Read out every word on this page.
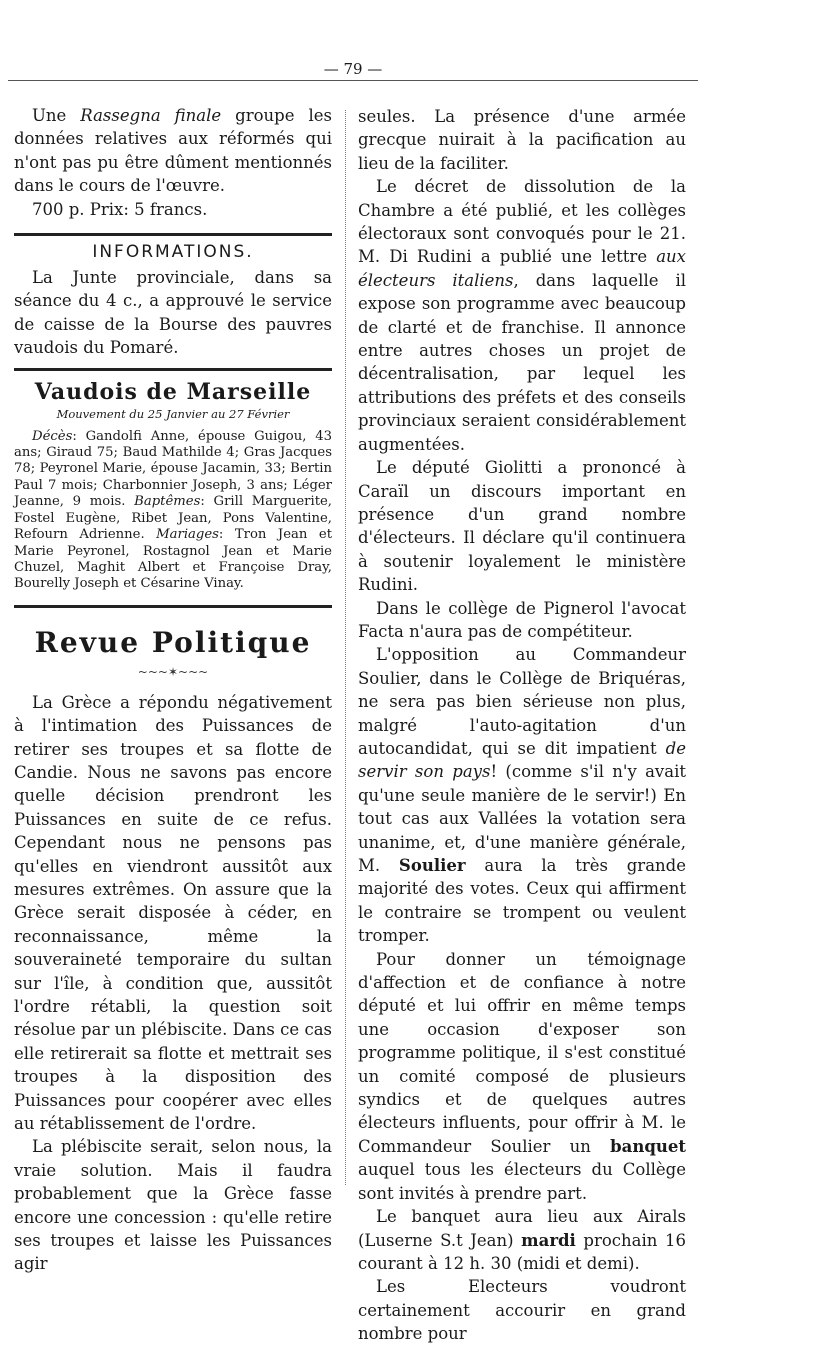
— 79 —

Une Rassegna finale groupe les données relatives aux réformés qui n'ont pas pu être dûment mentionnés dans le cours de l'œuvre.

700 p. Prix: 5 francs.

INFORMATIONS.

La Junte provinciale, dans sa séance du 4 c., a approuvé le service de caisse de la Bourse des pauvres vaudois du Pomaré.

Vaudois de Marseille
Mouvement du 25 Janvier au 27 Février

Décès: Gandolfi Anne, épouse Guigou, 43 ans; Giraud 75; Baud Mathilde 4; Gras Jacques 78; Peyronel Marie, épouse Jacamin, 33; Bertin Paul 7 mois; Charbonnier Joseph, 3 ans; Léger Jeanne, 9 mois. Baptêmes: Grill Marguerite, Fostel Eugène, Ribet Jean, Pons Valentine, Refourn Adrienne. Mariages: Tron Jean et Marie Peyronel, Rostagnol Jean et Marie Chuzel, Maghit Albert et Françoise Dray, Bourelly Joseph et Césarine Vinay.

Revue Politique
~~~✶~~~

La Grèce a répondu négativement à l'intimation des Puissances de retirer ses troupes et sa flotte de Candie. Nous ne savons pas encore quelle décision prendront les Puissances en suite de ce refus. Cependant nous ne pensons pas qu'elles en viendront aussitôt aux mesures extrêmes. On assure que la Grèce serait disposée à céder, en reconnaissance, même la souveraineté temporaire du sultan sur l'île, à condition que, aussitôt l'ordre rétabli, la question soit résolue par un plébiscite. Dans ce cas elle retirerait sa flotte et mettrait ses troupes à la disposition des Puissances pour coopérer avec elles au rétablissement de l'ordre.

La plébiscite serait, selon nous, la vraie solution. Mais il faudra probablement que la Grèce fasse encore une concession : qu'elle retire ses troupes et laisse les Puissances agir

seules. La présence d'une armée grecque nuirait à la pacification au lieu de la faciliter.

Le décret de dissolution de la Chambre a été publié, et les collèges électoraux sont convoqués pour le 21. M. Di Rudini a publié une lettre aux électeurs italiens, dans laquelle il expose son programme avec beaucoup de clarté et de franchise. Il annonce entre autres choses un projet de décentralisation, par lequel les attributions des préfets et des conseils provinciaux seraient considérablement augmentées.

Le député Giolitti a prononcé à Caraïl un discours important en présence d'un grand nombre d'électeurs. Il déclare qu'il continuera à soutenir loyalement le ministère Rudini.

Dans le collège de Pignerol l'avocat Facta n'aura pas de compétiteur.

L'opposition au Commandeur Soulier, dans le Collège de Briquéras, ne sera pas bien sérieuse non plus, malgré l'auto-agitation d'un autocandidat, qui se dit impatient de servir son pays! (comme s'il n'y avait qu'une seule manière de le servir!) En tout cas aux Vallées la votation sera unanime, et, d'une manière générale, M. Soulier aura la très grande majorité des votes. Ceux qui affirment le contraire se trompent ou veulent tromper.

Pour donner un témoignage d'affection et de confiance à notre député et lui offrir en même temps une occasion d'exposer son programme politique, il s'est constitué un comité composé de plusieurs syndics et de quelques autres électeurs influents, pour offrir à M. le Commandeur Soulier un banquet auquel tous les électeurs du Collège sont invités à prendre part.

Le banquet aura lieu aux Airals (Luserne S.t Jean) mardi prochain 16 courant à 12 h. 30 (midi et demi).

Les Electeurs voudront certainement accourir en grand nombre pour
